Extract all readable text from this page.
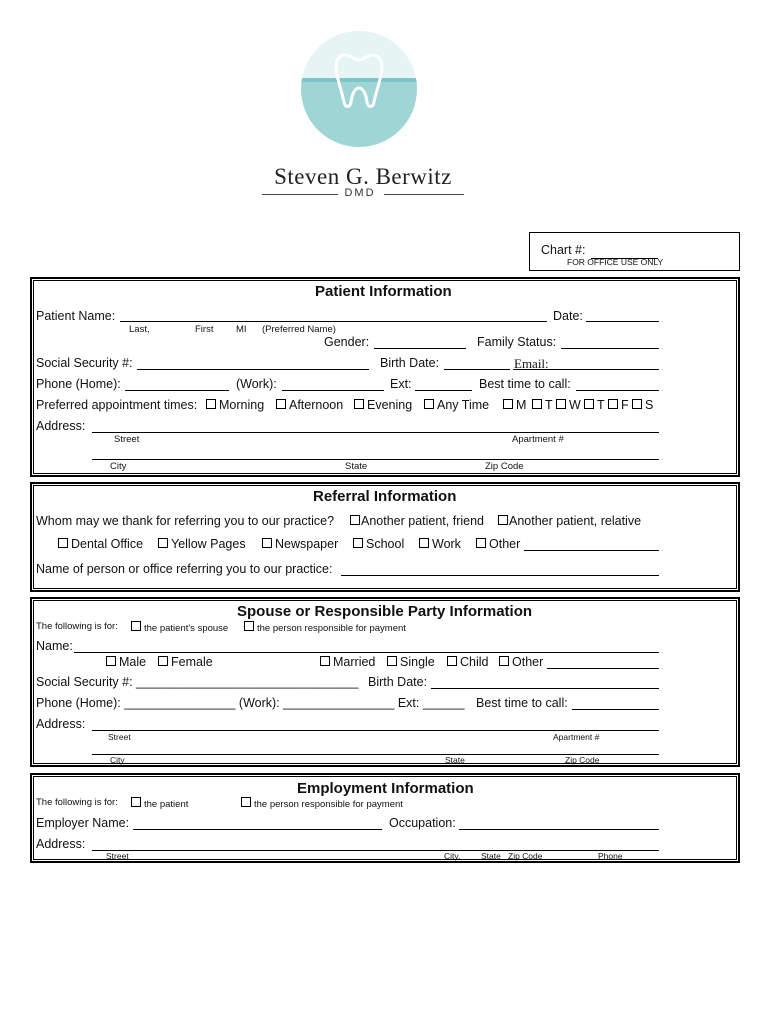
Steven G. Berwitz
DMD
Chart #:
FOR OFFICE USE ONLY
Patient Information
Patient Name:	Date:
Last,	First MI (Preferred Name)
Gender:	Family Status:
Social Security #:	Birth Date:	Email:
Phone (Home):	(Work):	Ext:	Best time to call:
Preferred appointment times:	Morning	Afternoon	Evening	Any Time	M	T	W	T	F	S
Address:
Street	Apartment #
City	State	Zip Code
Referral Information
Whom may we thank for referring you to our practice?	Another patient, friend	Another patient, relative
Dental Office	Yellow Pages	Newspaper	School	Work	Other
Name of person or office referring you to our practice:
Spouse or Responsible Party Information
The following is for:	the patient's spouse	the person responsible for payment
Name:
Male	Female	Married	Single	Child	Other
Social Security #: ________________________________ Birth Date:
Phone (Home): ________________ (Work): ________________ Ext: ______ Best time to call:
Address:
Street	Apartment #
City	State	Zip Code
Employment Information
The following is for:	the patient	the person responsible for payment
Employer Name:	Occupation:
Address:
Street	City, State Zip Code	Phone
